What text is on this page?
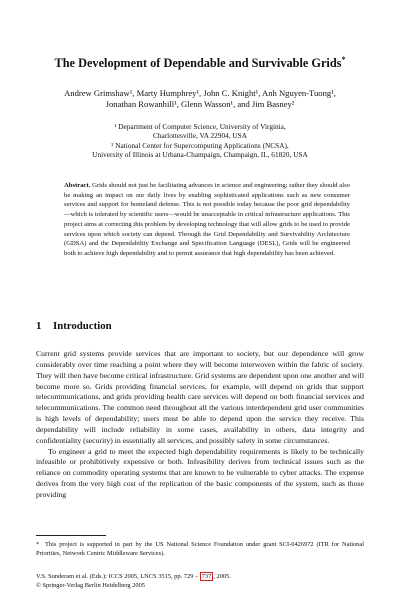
The Development of Dependable and Survivable Grids*
Andrew Grimshaw¹, Marty Humphrey¹, John C. Knight¹, Anh Nguyen-Tuong¹,
Jonathan Rowanhill¹, Glenn Wasson¹, and Jim Basney²
¹ Department of Computer Science, University of Virginia,
Charlottesville, VA 22904, USA
² National Center for Supercomputing Applications (NCSA),
University of Illinois at Urbana-Champaign, Champaign, IL, 61820, USA
Abstract. Grids should not just be facilitating advances in science and engineering; rather they should also be making an impact on our daily lives by enabling sophisticated applications such as new consumer services and support for homeland defense. This is not possible today because the poor grid dependability—which is tolerated by scientific users—would be unacceptable in critical infrastructure applications. This project aims at correcting this problem by developing technology that will allow grids to be used to provide services upon which society can depend. Through the Grid Dependability and Survivability Architecture (GDSA) and the Dependability Exchange and Specification Language (DESL), Grids will be engineered both to achieve high dependability and to permit assurance that high dependability has been achieved.
1 Introduction

Current grid systems provide services that are important to society, but our dependence will grow considerably over time reaching a point where they will become interwoven within the fabric of society. They will then have become critical infrastructure. Grid systems are dependent upon one another and will become more so. Grids providing financial services, for example, will depend on grids that support telecommunications, and grids providing health care services will depend on both financial services and telecommunications. The common need throughout all the various interdependent grid user communities is high levels of dependability; users must be able to depend upon the service they receive. This dependability will include reliability in some cases, availability in others, data integrity and confidentiality (security) in essentially all services, and possibly safety in some circumstances.

To engineer a grid to meet the expected high dependability requirements is likely to be technically infeasible or prohibitively expensive or both. Infeasibility derives from technical issues such as the reliance on commodity operating systems that are known to be vulnerable to cyber attacks. The expense derives from the very high cost of the replication of the basic components of the system, such as those providing

* This project is supported in part by the US National Science Foundation under grant SCI-0426972 (ITR for National Priorities, Network Centric Middleware Services).
V.S. Sunderam et al. (Eds.): ICCS 2005, LNCS 3515, pp. 729 – 737 , 2005.
© Springer-Verlag Berlin Heidelberg 2005
